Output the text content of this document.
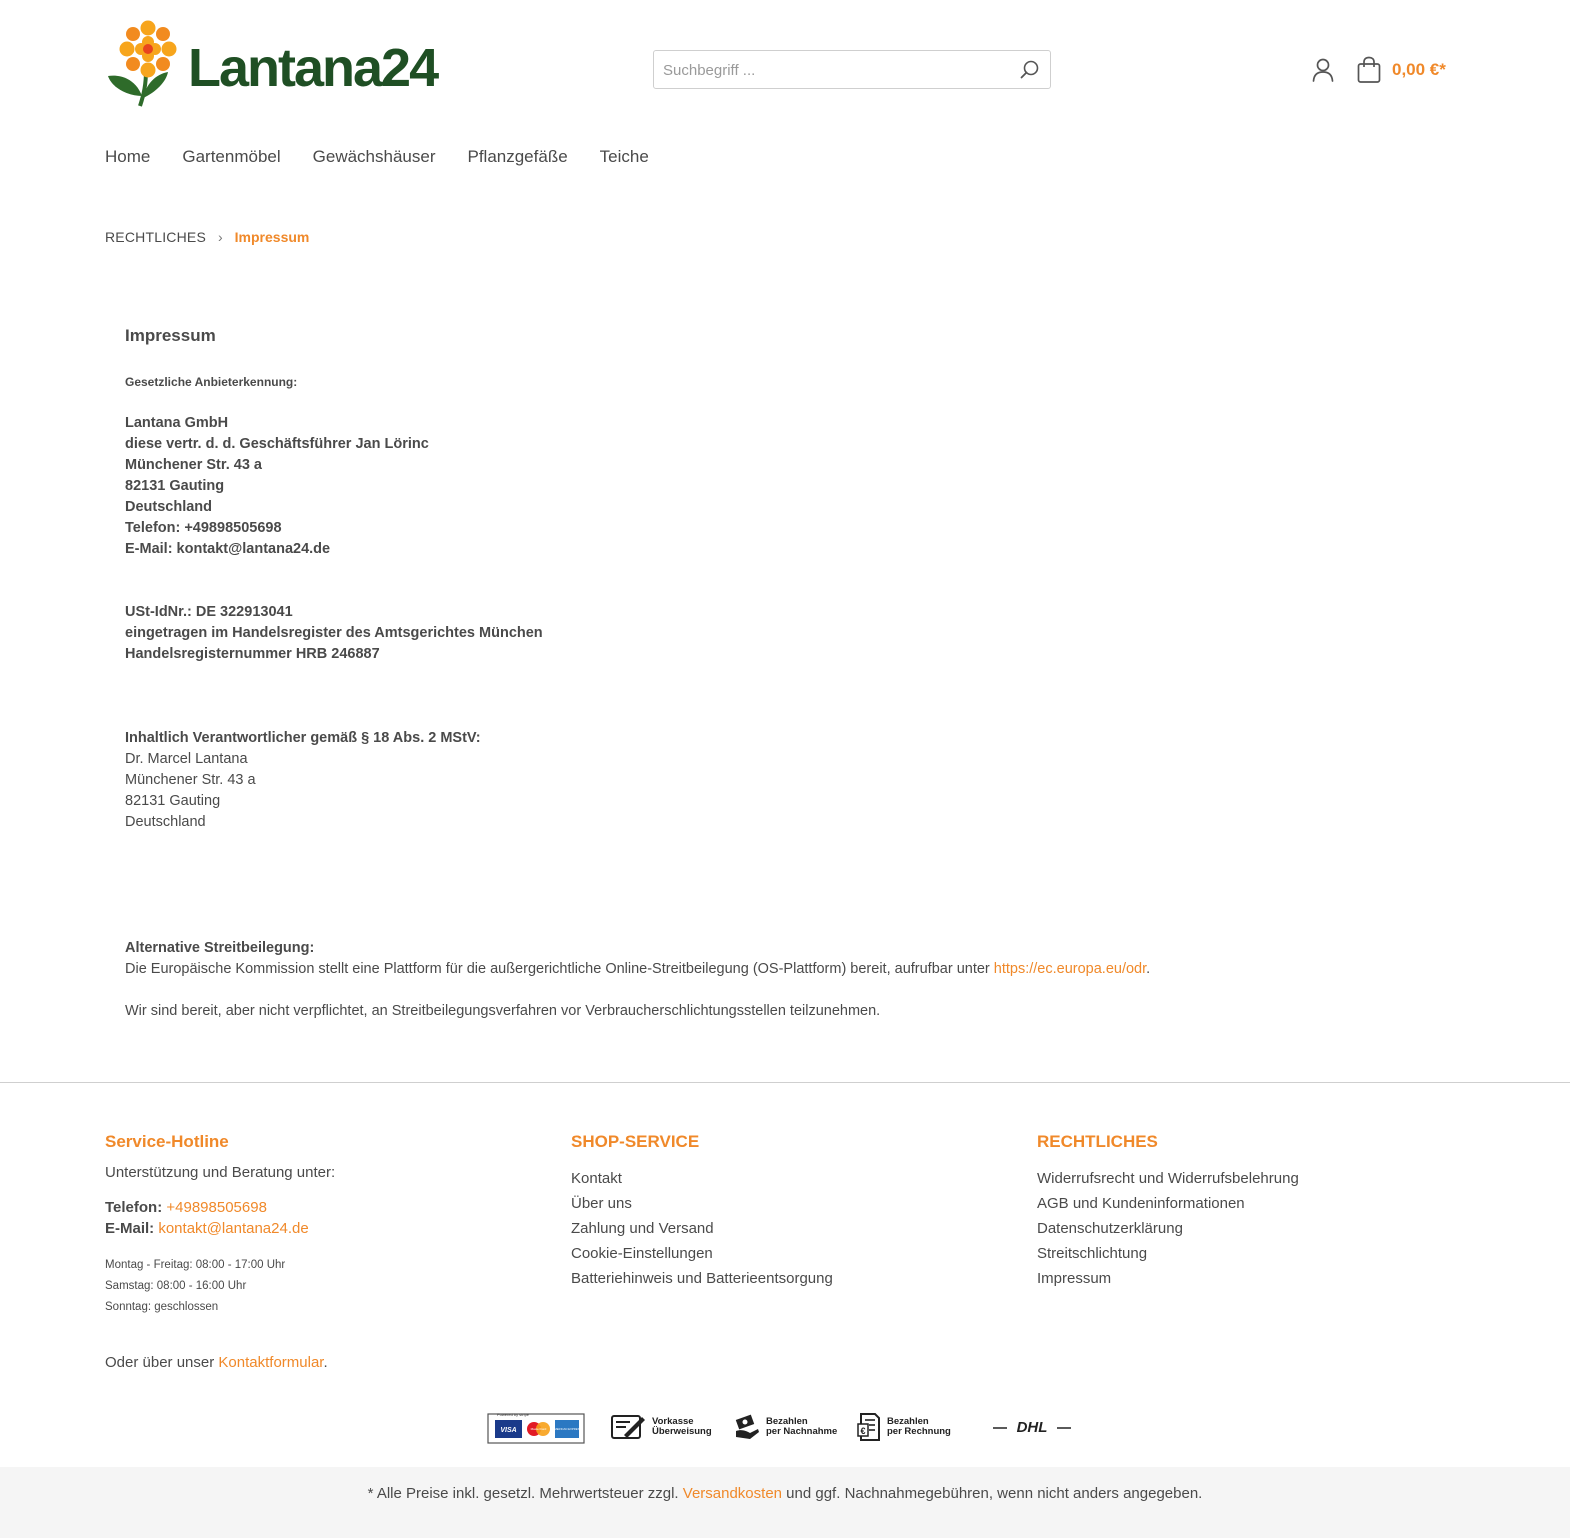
Lantana24
Suchbegriff ...	0,00 €*
Home Gartenmöbel Gewächshäuser Pflanzgefäße Teiche
RECHTLICHES › Impressum
Impressum
Gesetzliche Anbieterkennung:
Lantana GmbH
diese vertr. d. d. Geschäftsführer Jan Lörinc
Münchener Str. 43 a
82131 Gauting
Deutschland
Telefon: +49898505698
E-Mail: kontakt@lantana24.de
USt-IdNr.: DE 322913041
eingetragen im Handelsregister des Amtsgerichtes München
Handelsregisternummer HRB 246887
Inhaltlich Verantwortlicher gemäß § 18 Abs. 2 MStV:
Dr. Marcel Lantana
Münchener Str. 43 a
82131 Gauting
Deutschland
Alternative Streitbeilegung:
Die Europäische Kommission stellt eine Plattform für die außergerichtliche Online-Streitbeilegung (OS-Plattform) bereit, aufrufbar unter https://ec.europa.eu/odr.
Wir sind bereit, aber nicht verpflichtet, an Streitbeilegungsverfahren vor Verbraucherschlichtungsstellen teilzunehmen.
Service-Hotline
Unterstützung und Beratung unter:
Telefon: +49898505698
E-Mail: kontakt@lantana24.de
Montag - Freitag: 08:00 - 17:00 Uhr
Samstag: 08:00 - 16:00 Uhr
Sonntag: geschlossen
Oder über unser Kontaktformular.
SHOP-SERVICE
Kontakt
Über uns
Zahlung und Versand
Cookie-Einstellungen
Batteriehinweis und Batterieentsorgung
RECHTLICHES
Widerrufsrecht und Widerrufsbelehrung
AGB und Kundeninformationen
Datenschutzerklärung
Streitschlichtung
Impressum
Powered by stripe
VISA	MasterCard AMERICAN EXPRESS
Vorkasse
Überweisung
Bezahlen
per Nachnahme	€
Bezahlen
per Rechnung	DHL
* Alle Preise inkl. gesetzl. Mehrwertsteuer zzgl. Versandkosten und ggf. Nachnahmegebühren, wenn nicht anders angegeben.
